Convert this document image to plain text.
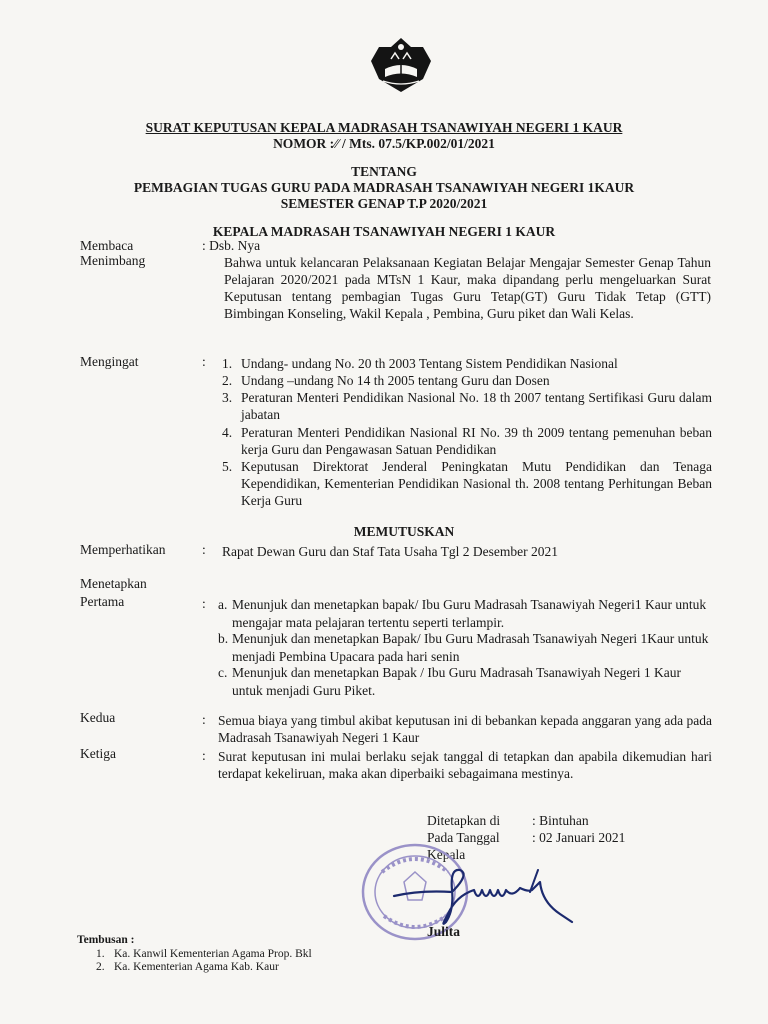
SURAT KEPUTUSAN KEPALA MADRASAH TSANAWIYAH NEGERI 1 KAUR
NOMOR :∕∕ / Mts. 07.5/KP.002/01/2021
TENTANG
PEMBAGIAN TUGAS GURU PADA MADRASAH TSANAWIYAH NEGERI 1KAUR
SEMESTER GENAP T.P 2020/2021
KEPALA MADRASAH TSANAWIYAH NEGERI 1 KAUR
Membaca	: Dsb. Nya
Menimbang	Bahwa untuk kelancaran Pelaksanaan Kegiatan Belajar Mengajar Semester Genap Tahun Pelajaran 2020/2021 pada MTsN 1 Kaur, maka dipandang perlu mengeluarkan Surat Keputusan tentang pembagian Tugas Guru Tetap(GT) Guru Tidak Tetap (GTT) Bimbingan Konseling, Wakil Kepala , Pembina, Guru piket dan Wali Kelas.
Mengingat	: 1. Undang- undang No. 20 th 2003 Tentang Sistem Pendidikan Nasional
2. Undang –undang No 14 th 2005 tentang Guru dan Dosen
3. Peraturan Menteri Pendidikan Nasional No. 18 th 2007 tentang Sertifikasi Guru dalam jabatan
4. Peraturan Menteri Pendidikan Nasional RI No. 39 th 2009 tentang pemenuhan beban kerja Guru dan Pengawasan Satuan Pendidikan
5. Keputusan Direktorat Jenderal Peningkatan Mutu Pendidikan dan Tenaga Kependidikan, Kementerian Pendidikan Nasional th. 2008 tentang Perhitungan Beban Kerja Guru
MEMUTUSKAN
Memperhatikan	: Rapat Dewan Guru dan Staf Tata Usaha Tgl 2 Desember 2021
Menetapkan
Pertama	: a. Menunjuk dan menetapkan bapak/ Ibu Guru Madrasah Tsanawiyah Negeri1 Kaur untuk mengajar mata pelajaran tertentu seperti terlampir.
b. Menunjuk dan menetapkan Bapak/ Ibu Guru Madrasah Tsanawiyah Negeri 1Kaur untuk menjadi Pembina Upacara pada hari senin
c. Menunjuk dan menetapkan Bapak / Ibu Guru Madrasah Tsanawiyah Negeri 1 Kaur untuk menjadi Guru Piket.
Kedua	: Semua biaya yang timbul akibat keputusan ini di bebankan kepada anggaran yang ada pada Madrasah Tsanawiyah Negeri 1 Kaur
Ketiga	: Surat keputusan ini mulai berlaku sejak tanggal di tetapkan dan apabila dikemudian hari terdapat kekeliruan, maka akan diperbaiki sebagaimana mestinya.
Ditetapkan di : Bintuhan
Pada Tanggal : 02 Januari 2021
Kepala
Julita
Tembusan :
1. Ka. Kanwil Kementerian Agama Prop. Bkl
2. Ka. Kementerian Agama Kab. Kaur
